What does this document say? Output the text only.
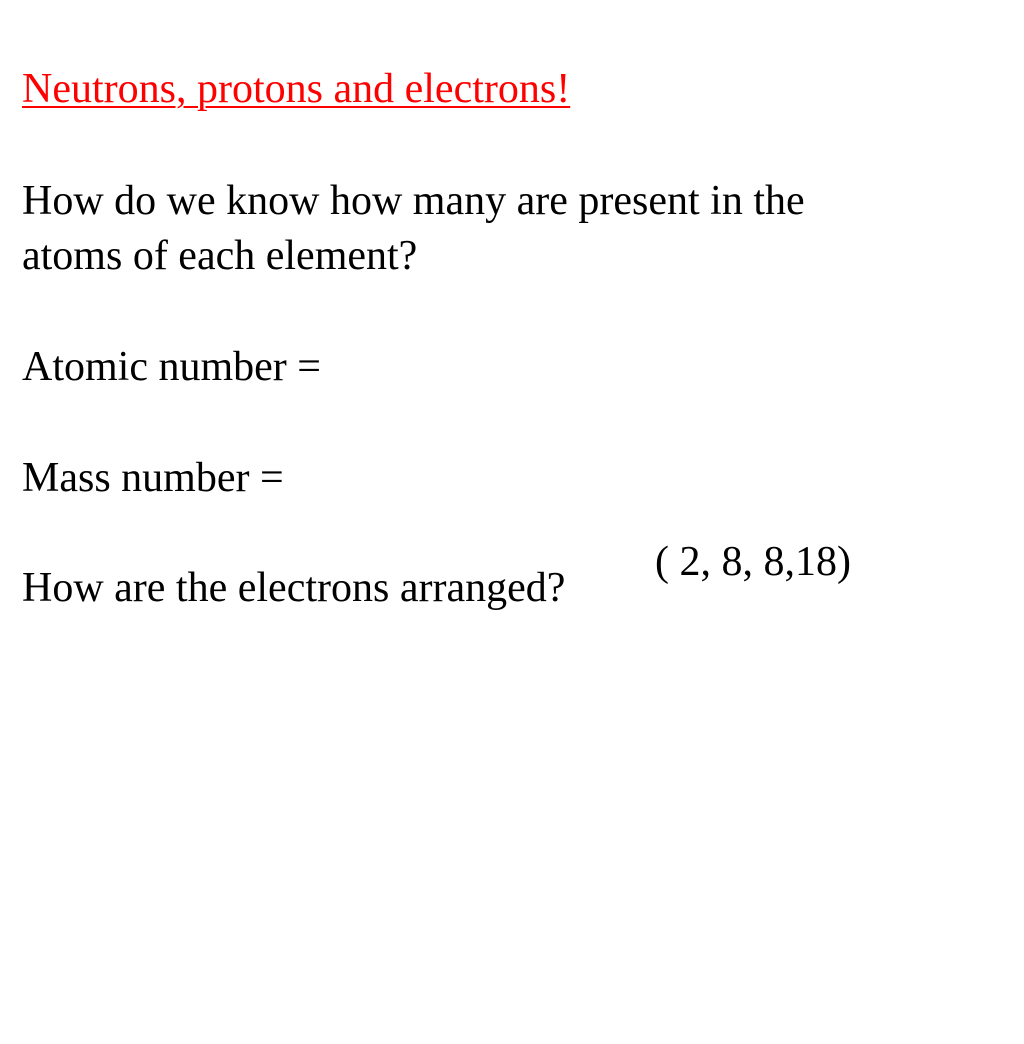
Neutrons, protons and electrons!
How do we know how many are present in the
atoms of each element?
Atomic number =
Mass number =
How are the electrons arranged?
( 2, 8, 8,18)
